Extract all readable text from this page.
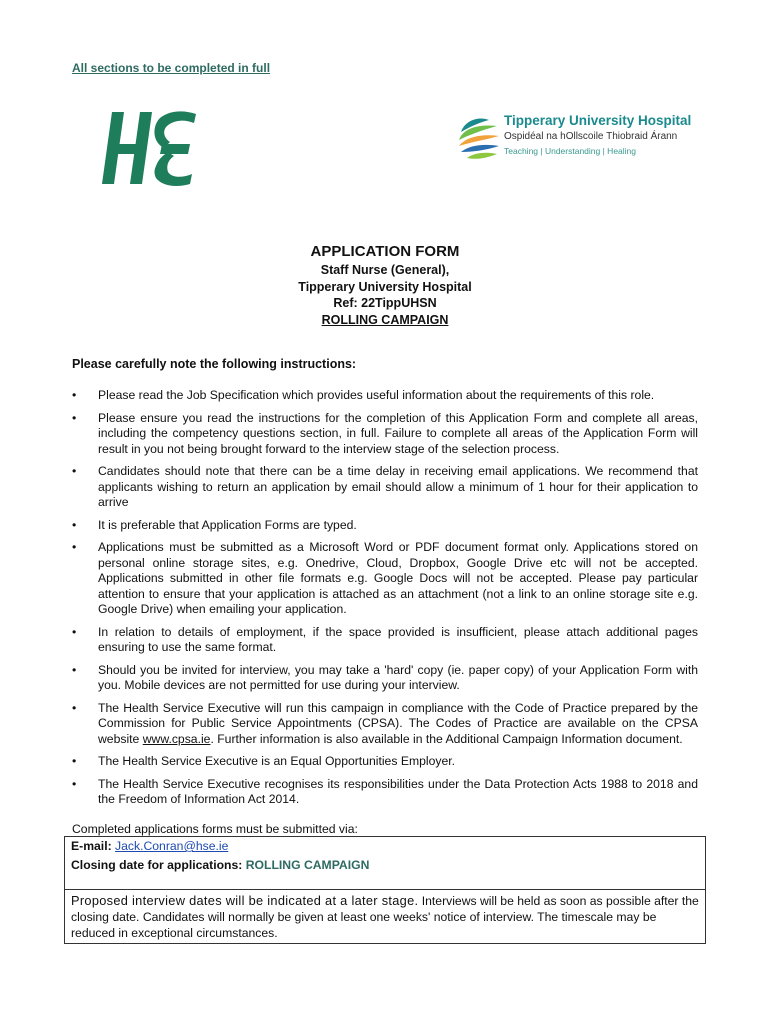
All sections to be completed in full
Tipperary University Hospital
Ospidéal na hOllscoile Thiobraid Árann
Teaching | Understanding | Healing
APPLICATION FORM
Staff Nurse (General),
Tipperary University Hospital
Ref: 22TippUHSN
ROLLING CAMPAIGN
Please carefully note the following instructions:
• Please read the Job Specification which provides useful information about the requirements of this role.
• Please ensure you read the instructions for the completion of this Application Form and complete all areas, including the competency questions section, in full. Failure to complete all areas of the Application Form will result in you not being brought forward to the interview stage of the selection process.
• Candidates should note that there can be a time delay in receiving email applications. We recommend that applicants wishing to return an application by email should allow a minimum of 1 hour for their application to arrive
• It is preferable that Application Forms are typed.
• Applications must be submitted as a Microsoft Word or PDF document format only. Applications stored on personal online storage sites, e.g. Onedrive, Cloud, Dropbox, Google Drive etc will not be accepted. Applications submitted in other file formats e.g. Google Docs will not be accepted. Please pay particular attention to ensure that your application is attached as an attachment (not a link to an online storage site e.g. Google Drive) when emailing your application.
• In relation to details of employment, if the space provided is insufficient, please attach additional pages ensuring to use the same format.
• Should you be invited for interview, you may take a 'hard' copy (ie. paper copy) of your Application Form with you. Mobile devices are not permitted for use during your interview.
• The Health Service Executive will run this campaign in compliance with the Code of Practice prepared by the Commission for Public Service Appointments (CPSA). The Codes of Practice are available on the CPSA website www.cpsa.ie. Further information is also available in the Additional Campaign Information document.
• The Health Service Executive is an Equal Opportunities Employer.
• The Health Service Executive recognises its responsibilities under the Data Protection Acts 1988 to 2018 and the Freedom of Information Act 2014.
Completed applications forms must be submitted via:
E-mail: Jack.Conran@hse.ie
Closing date for applications: ROLLING CAMPAIGN
Proposed interview dates will be indicated at a later stage. Interviews will be held as soon as possible after the closing date. Candidates will normally be given at least one weeks' notice of interview. The timescale may be reduced in exceptional circumstances.
